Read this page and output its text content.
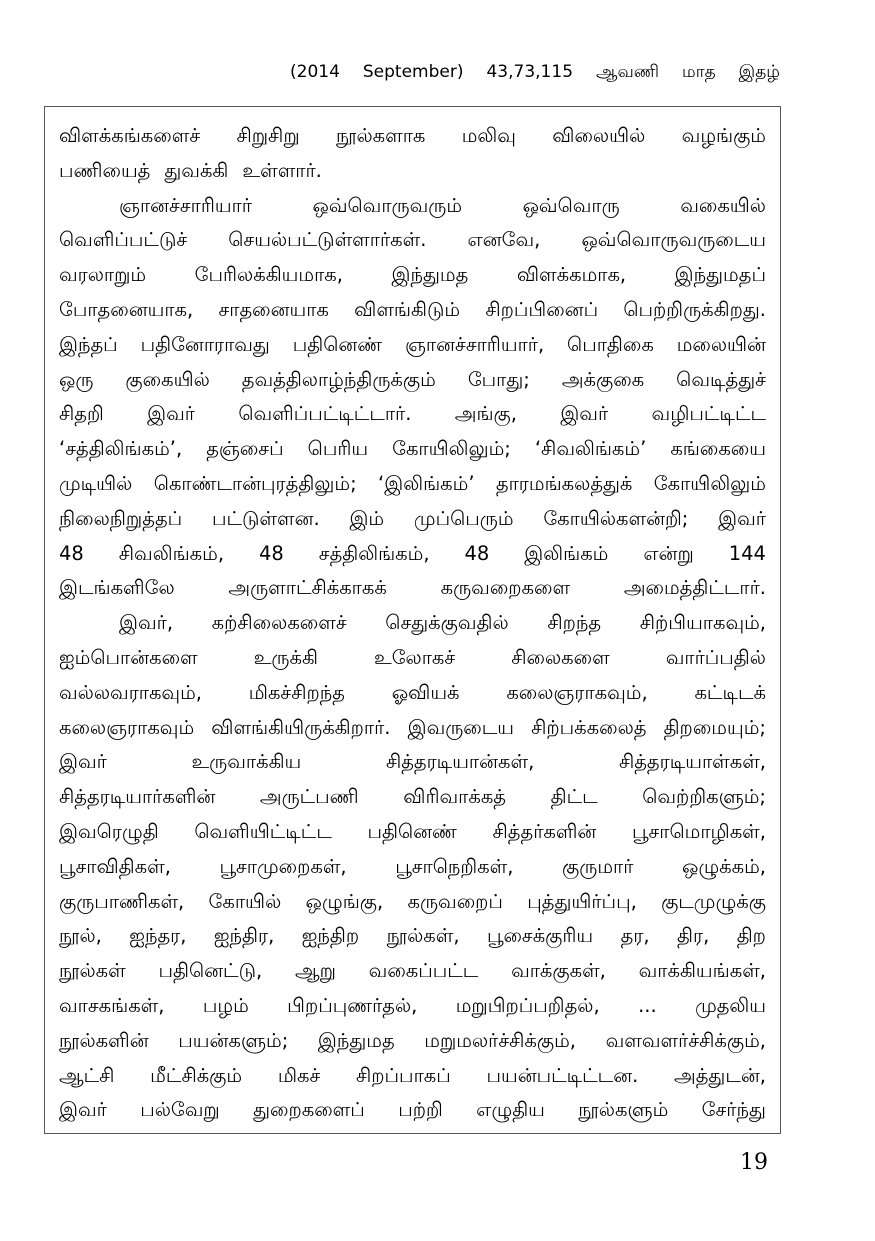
(2014 September) 43,73,115 ஆவணி மாத இதழ்
விளக்கங்களைச் சிறுசிறு நூல்களாக மலிவு விலையில் வழங்கும்
பணியைத் துவக்கி உள்ளார்.
ஞானச்சாரியார்	ஒவ்வொருவரும்	ஒவ்வொரு	வகையில்
வெளிப்பட்டுச் செயல்பட்டுள்ளார்கள். எனவே, ஒவ்வொருவருடைய
வரலாறும் பேரிலக்கியமாக, இந்துமத விளக்கமாக, இந்துமதப்
போதனையாக, சாதனையாக விளங்கிடும் சிறப்பினைப் பெற்றிருக்கிறது.
இந்தப் பதினோராவது பதினெண் ஞானச்சாரியார், பொதிகை மலையின்
ஒரு குகையில் தவத்திலாழ்ந்திருக்கும் போது; அக்குகை வெடித்துச்
சிதறி இவர் வெளிப்பட்டிட்டார். அங்கு, இவர் வழிபட்டிட்ட
‘சத்திலிங்கம்’, தஞ்சைப் பெரிய கோயிலிலும்; ‘சிவலிங்கம்’ கங்கையை
முடியில் கொண்டான்புரத்திலும்; ‘இலிங்கம்’ தாரமங்கலத்துக் கோயிலிலும்
நிலைநிறுத்தப் பட்டுள்ளன. இம் முப்பெரும் கோயில்களன்றி; இவர்
48 சிவலிங்கம், 48 சத்திலிங்கம், 48 இலிங்கம் என்று 144
இடங்களிலே	அருளாட்சிக்காகக்	கருவறைகளை	அமைத்திட்டார்.
இவர், கற்சிலைகளைச் செதுக்குவதில் சிறந்த சிற்பியாகவும்,
ஐம்பொன்களை	உருக்கி	உலோகச்	சிலைகளை	வார்ப்பதில்
வல்லவராகவும், மிகச்சிறந்த ஓவியக் கலைஞராகவும், கட்டிடக்
கலைஞராகவும் விளங்கியிருக்கிறார். இவருடைய சிற்பக்கலைத் திறமையும்;
இவர்	உருவாக்கிய	சித்தரடியான்கள்,	சித்தரடியாள்கள்,
சித்தரடியார்களின் அருட்பணி விரிவாக்கத் திட்ட வெற்றிகளும்;
இவரெழுதி வெளியிட்டிட்ட பதினெண் சித்தர்களின் பூசாமொழிகள்,
பூசாவிதிகள், பூசாமுறைகள், பூசாநெறிகள், குருமார் ஒழுக்கம்,
குருபாணிகள், கோயில் ஒழுங்கு, கருவறைப் புத்துயிர்ப்பு, குடமுழுக்கு
நூல், ஐந்தர, ஐந்திர, ஐந்திற நூல்கள், பூசைக்குரிய தர, திர, திற
நூல்கள் பதினெட்டு, ஆறு வகைப்பட்ட வாக்குகள், வாக்கியங்கள்,
வாசகங்கள், பழம் பிறப்புணர்தல், மறுபிறப்பறிதல், ... முதலிய
நூல்களின் பயன்களும்; இந்துமத மறுமலர்ச்சிக்கும், வளவளர்ச்சிக்கும்,
ஆட்சி மீட்சிக்கும் மிகச் சிறப்பாகப் பயன்பட்டிட்டன. அத்துடன்,
இவர் பல்வேறு துறைகளைப் பற்றி எழுதிய நூல்களும் சேர்ந்து
19
